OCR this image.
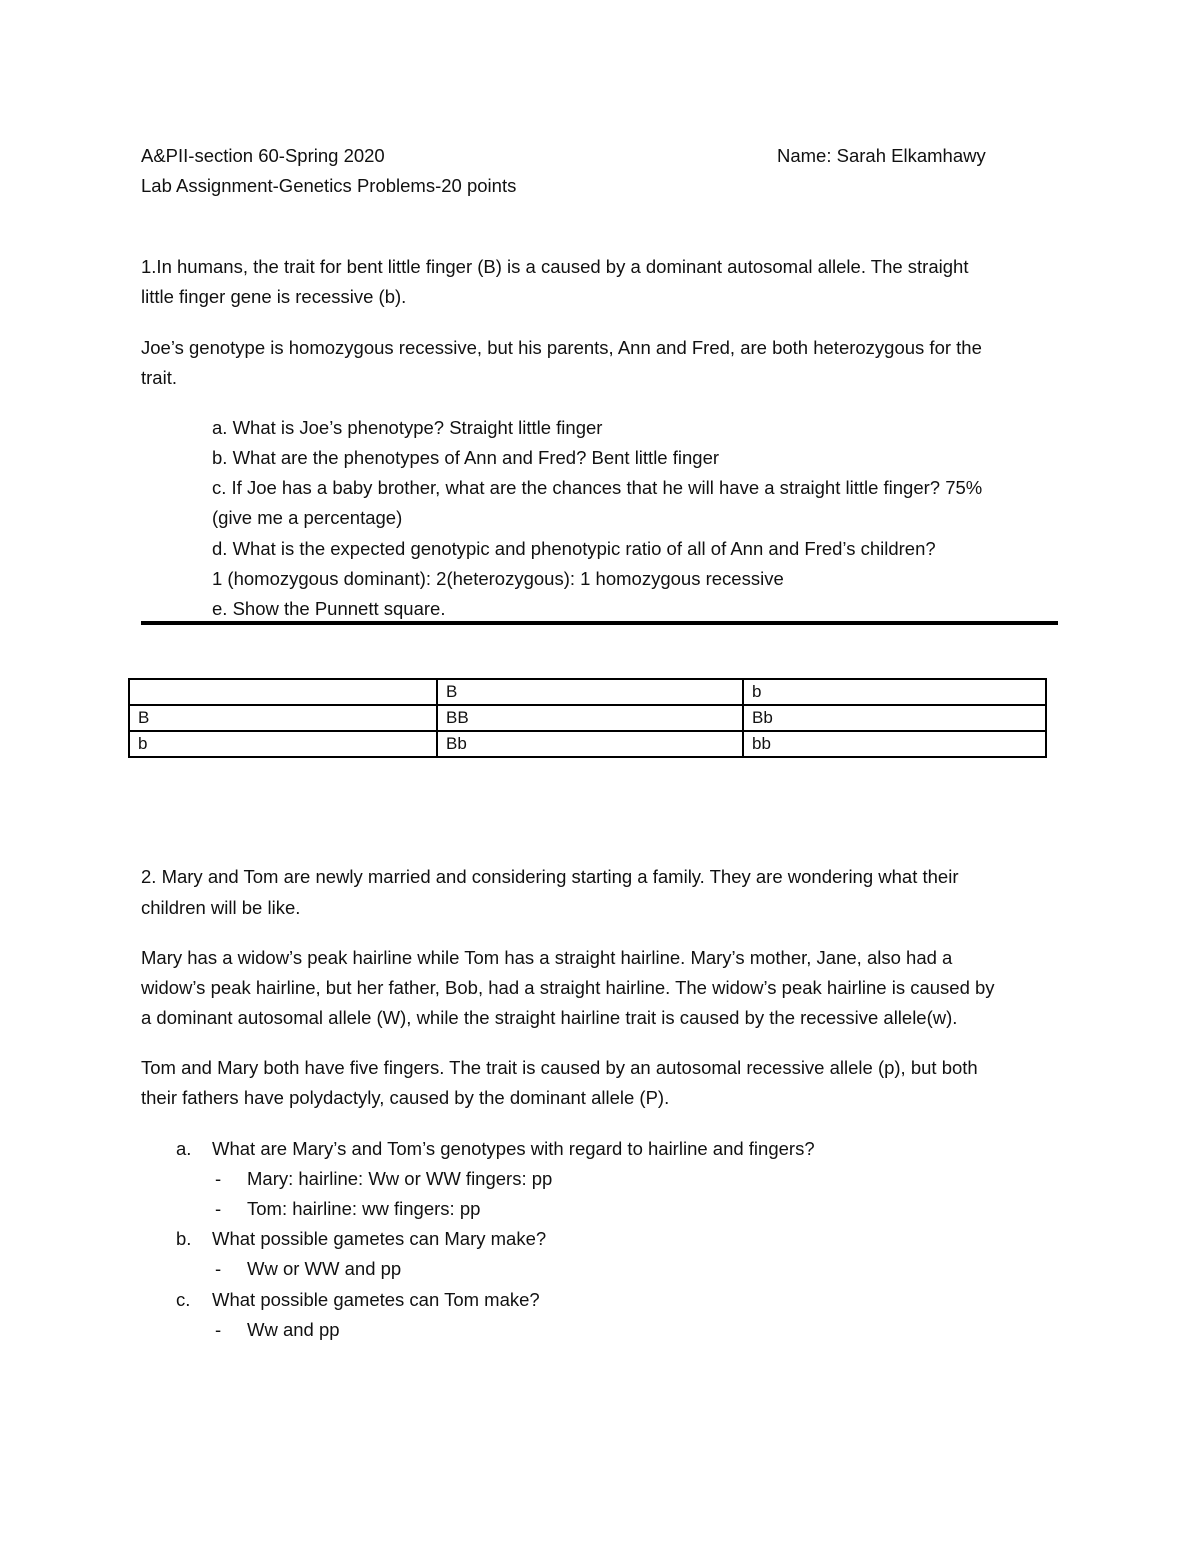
A&PII-section 60-Spring 2020	Name: Sarah Elkamhawy
Lab Assignment-Genetics Problems-20 points
1.In humans, the trait for bent little finger (B) is a caused by a dominant autosomal allele. The straight
little finger gene is recessive (b).
Joe’s genotype is homozygous recessive, but his parents, Ann and Fred, are both heterozygous for the
trait.
a. What is Joe’s phenotype? Straight little finger
b. What are the phenotypes of Ann and Fred? Bent little finger
c. If Joe has a baby brother, what are the chances that he will have a straight little finger? 75%
(give me a percentage)
d. What is the expected genotypic and phenotypic ratio of all of Ann and Fred’s children?
1 (homozygous dominant): 2(heterozygous): 1 homozygous recessive
e. Show the Punnett square.
	B	b
B	BB	Bb
b	Bb	bb
2. Mary and Tom are newly married and considering starting a family. They are wondering what their
children will be like.
Mary has a widow’s peak hairline while Tom has a straight hairline. Mary’s mother, Jane, also had a
widow’s peak hairline, but her father, Bob, had a straight hairline. The widow’s peak hairline is caused by
a dominant autosomal allele (W), while the straight hairline trait is caused by the recessive allele(w).
Tom and Mary both have five fingers. The trait is caused by an autosomal recessive allele (p), but both
their fathers have polydactyly, caused by the dominant allele (P).
a. What are Mary’s and Tom’s genotypes with regard to hairline and fingers?
- Mary: hairline: Ww or WW fingers: pp
- Tom: hairline: ww fingers: pp
b. What possible gametes can Mary make?
- Ww or WW and pp
c. What possible gametes can Tom make?
- Ww and pp
